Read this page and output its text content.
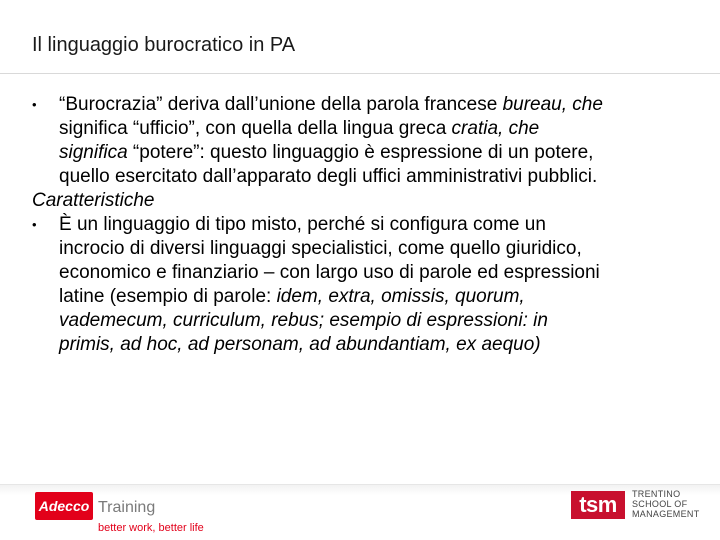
Il linguaggio burocratico in PA
• “Burocrazia” deriva dall’unione della parola francese bureau, che
significa “ufficio”, con quella della lingua greca cratia, che
significa “potere”: questo linguaggio è espressione di un potere,
quello esercitato dall’apparato degli uffici amministrativi pubblici.
Caratteristiche
• È un linguaggio di tipo misto, perché si configura come un
incrocio di diversi linguaggi specialistici, come quello giuridico,
economico e finanziario – con largo uso di parole ed espressioni
latine (esempio di parole: idem, extra, omissis, quorum,
vademecum, curriculum, rebus; esempio di espressioni: in
primis, ad hoc, ad personam, ad abundantiam, ex aequo)
Adecco Training
better work, better life
tsm	TRENTINO
SCHOOL OF
MANAGEMENT
